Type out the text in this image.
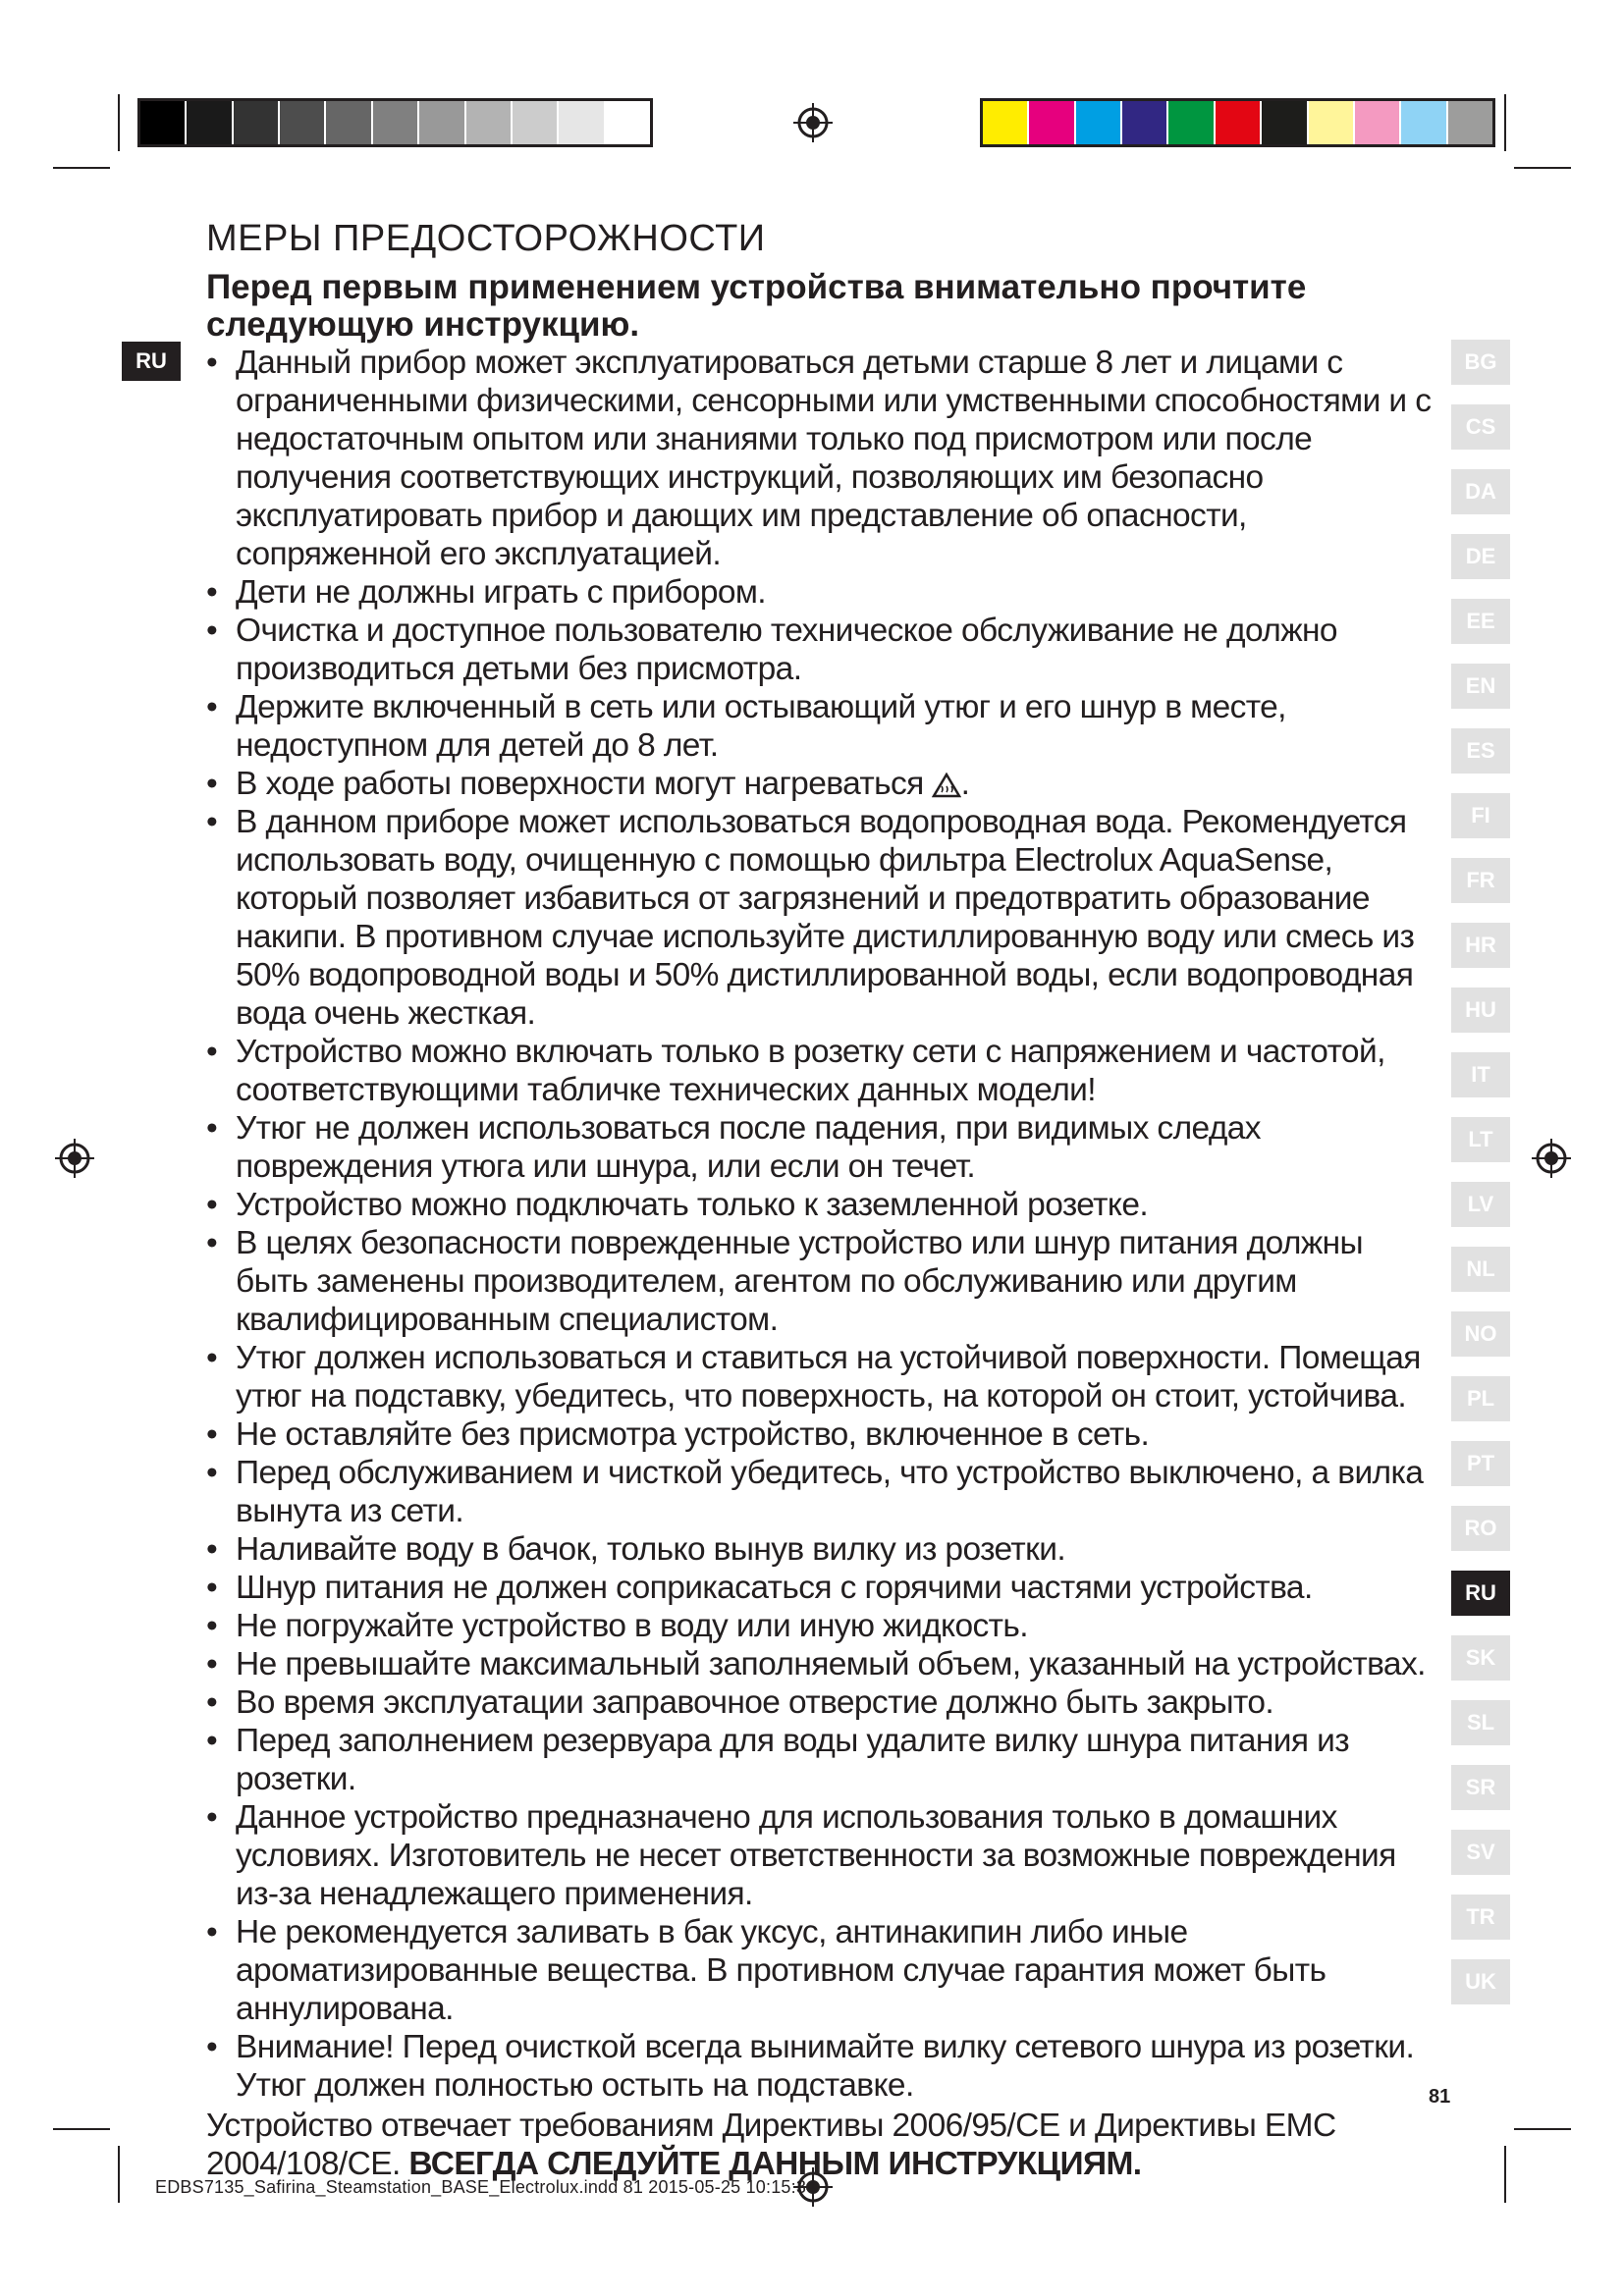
МЕРЫ ПРЕДОСТОРОЖНОСТИ
Перед первым применением устройства внимательно прочтите следующую инструкцию.
RU
•	Данный прибор может эксплуатироваться детьми старше 8 лет и лицами с ограниченными физическими, сенсорными или умственными способностями и с недостаточным опытом или знаниями только под присмотром или после получения соответствующих инструкций, позволяющих им безопасно эксплуатировать прибор и дающих им представление об опасности, сопряженной его эксплуатацией.
• Дети не должны играть с прибором.
• Очистка и доступное пользователю техническое обслуживание не должно производиться детьми без присмотра.
• Держите включенный в сеть или остывающий утюг и его шнур в месте, недоступном для детей до 8 лет.
• В ходе работы поверхности могут нагреваться .
• В данном приборе может использоваться водопроводная вода. Рекомендуется использовать воду, очищенную с помощью фильтра Electrolux AquaSense, который позволяет избавиться от загрязнений и предотвратить образование накипи. В противном случае используйте дистиллированную воду или смесь из 50% водопроводной воды и 50% дистиллированной воды, если водопроводная вода очень жесткая.
• Устройство можно включать только в розетку сети с напряжением и частотой, соответствующими табличке технических данных модели!
• Утюг не должен использоваться после падения, при видимых следах повреждения утюга или шнура, или если он течет.
• Устройство можно подключать только к заземленной розетке.
• В целях безопасности поврежденные устройство или шнур питания должны быть заменены производителем, агентом по обслуживанию или другим квалифицированным специалистом.
• Утюг должен использоваться и ставиться на устойчивой поверхности. Помещая утюг на подставку, убедитесь, что поверхность, на которой он стоит, устойчива.
• Не оставляйте без присмотра устройство, включенное в сеть.
• Перед обслуживанием и чисткой убедитесь, что устройство выключено, а вилка вынута из сети.
• Наливайте воду в бачок, только вынув вилку из розетки.
• Шнур питания не должен соприкасаться с горячими частями устройства.
• Не погружайте устройство в воду или иную жидкость.
• Не превышайте максимальный заполняемый объем, указанный на устройствах.
• Во время эксплуатации заправочное отверстие должно быть закрыто.
• Перед заполнением резервуара для воды удалите вилку шнура питания из розетки.
• Данное устройство предназначено для использования только в домашних условиях. Изготовитель не несет ответственности за возможные повреждения из-за ненадлежащего применения.
• Не рекомендуется заливать в бак уксус, антинакипин либо иные ароматизированные вещества. В противном случае гарантия может быть аннулирована.
• Внимание! Перед очисткой всегда вынимайте вилку сетевого шнура из розетки. Утюг должен полностью остыть на подставке.
Устройство отвечает требованиям Директивы 2006/95/CE и Директивы EMC 2004/108/CE. ВСЕГДА СЛЕДУЙТЕ ДАННЫМ ИНСТРУКЦИЯМ.
BG
CS
DA
DE
EE
EN
ES
FI
FR
HR
HU
IT
LT
LV
NL
NO
PL
PT
RO
RU
SK
SL
SR
SV
TR
UK
81
EDBS7135_Safirina_Steamstation_BASE_Electrolux.indd 81 2015-05-25 10:15:34
